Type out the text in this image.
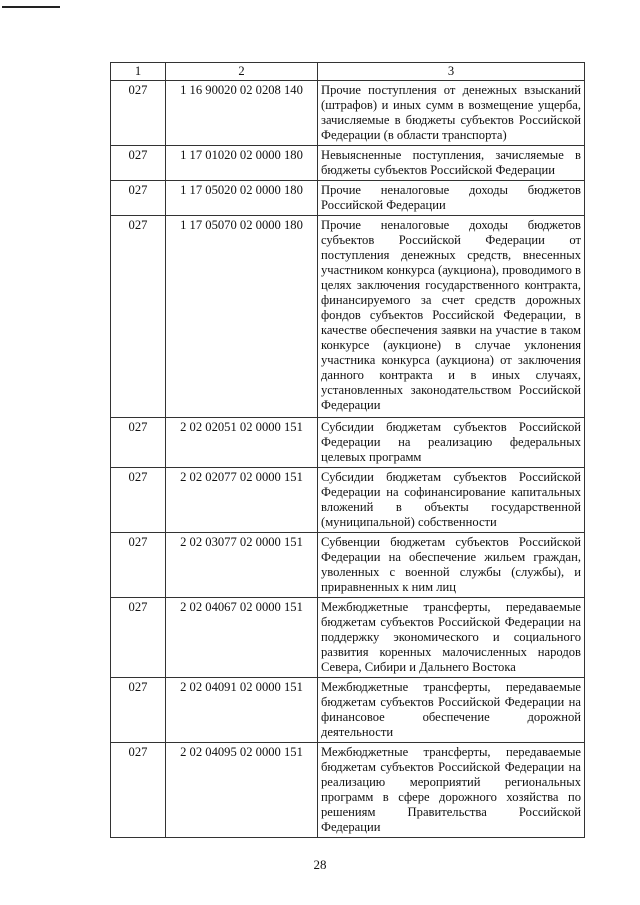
1	2	3
027	1 16 90020 02 0208 140	Прочие поступления от денежных взысканий (штрафов) и иных сумм в возмещение ущерба, зачисляемые в бюджеты субъектов Российской Федерации (в области транспорта)
027	1 17 01020 02 0000 180	Невыясненные поступления, зачисляемые в бюджеты субъектов Российской Федерации
027	1 17 05020 02 0000 180	Прочие неналоговые доходы бюджетов Российской Федерации
027	1 17 05070 02 0000 180	Прочие неналоговые доходы бюджетов субъектов Российской Федерации от поступления денежных средств, внесенных участником конкурса (аукциона), проводимого в целях заключения государственного контракта, финансируемого за счет средств дорожных фондов субъектов Российской Федерации, в качестве обеспечения заявки на участие в таком конкурсе (аукционе) в случае уклонения участника конкурса (аукциона) от заключения данного контракта и в иных случаях, установленных законодательством Российской Федерации
027	2 02 02051 02 0000 151	Субсидии бюджетам субъектов Российской Федерации на реализацию федеральных целевых программ
027	2 02 02077 02 0000 151	Субсидии бюджетам субъектов Российской Федерации на софинансирование капитальных вложений в объекты государственной (муниципальной) собственности
027	2 02 03077 02 0000 151	Субвенции бюджетам субъектов Российской Федерации на обеспечение жильем граждан, уволенных с военной службы (службы), и приравненных к ним лиц
027	2 02 04067 02 0000 151	Межбюджетные трансферты, передаваемые бюджетам субъектов Российской Федерации на поддержку экономического и социального развития коренных малочисленных народов Севера, Сибири и Дальнего Востока
027	2 02 04091 02 0000 151	Межбюджетные трансферты, передаваемые бюджетам субъектов Российской Федерации на финансовое обеспечение дорожной деятельности
027	2 02 04095 02 0000 151	Межбюджетные трансферты, передаваемые бюджетам субъектов Российской Федерации на реализацию мероприятий региональных программ в сфере дорожного хозяйства по решениям Правительства Российской Федерации
28
